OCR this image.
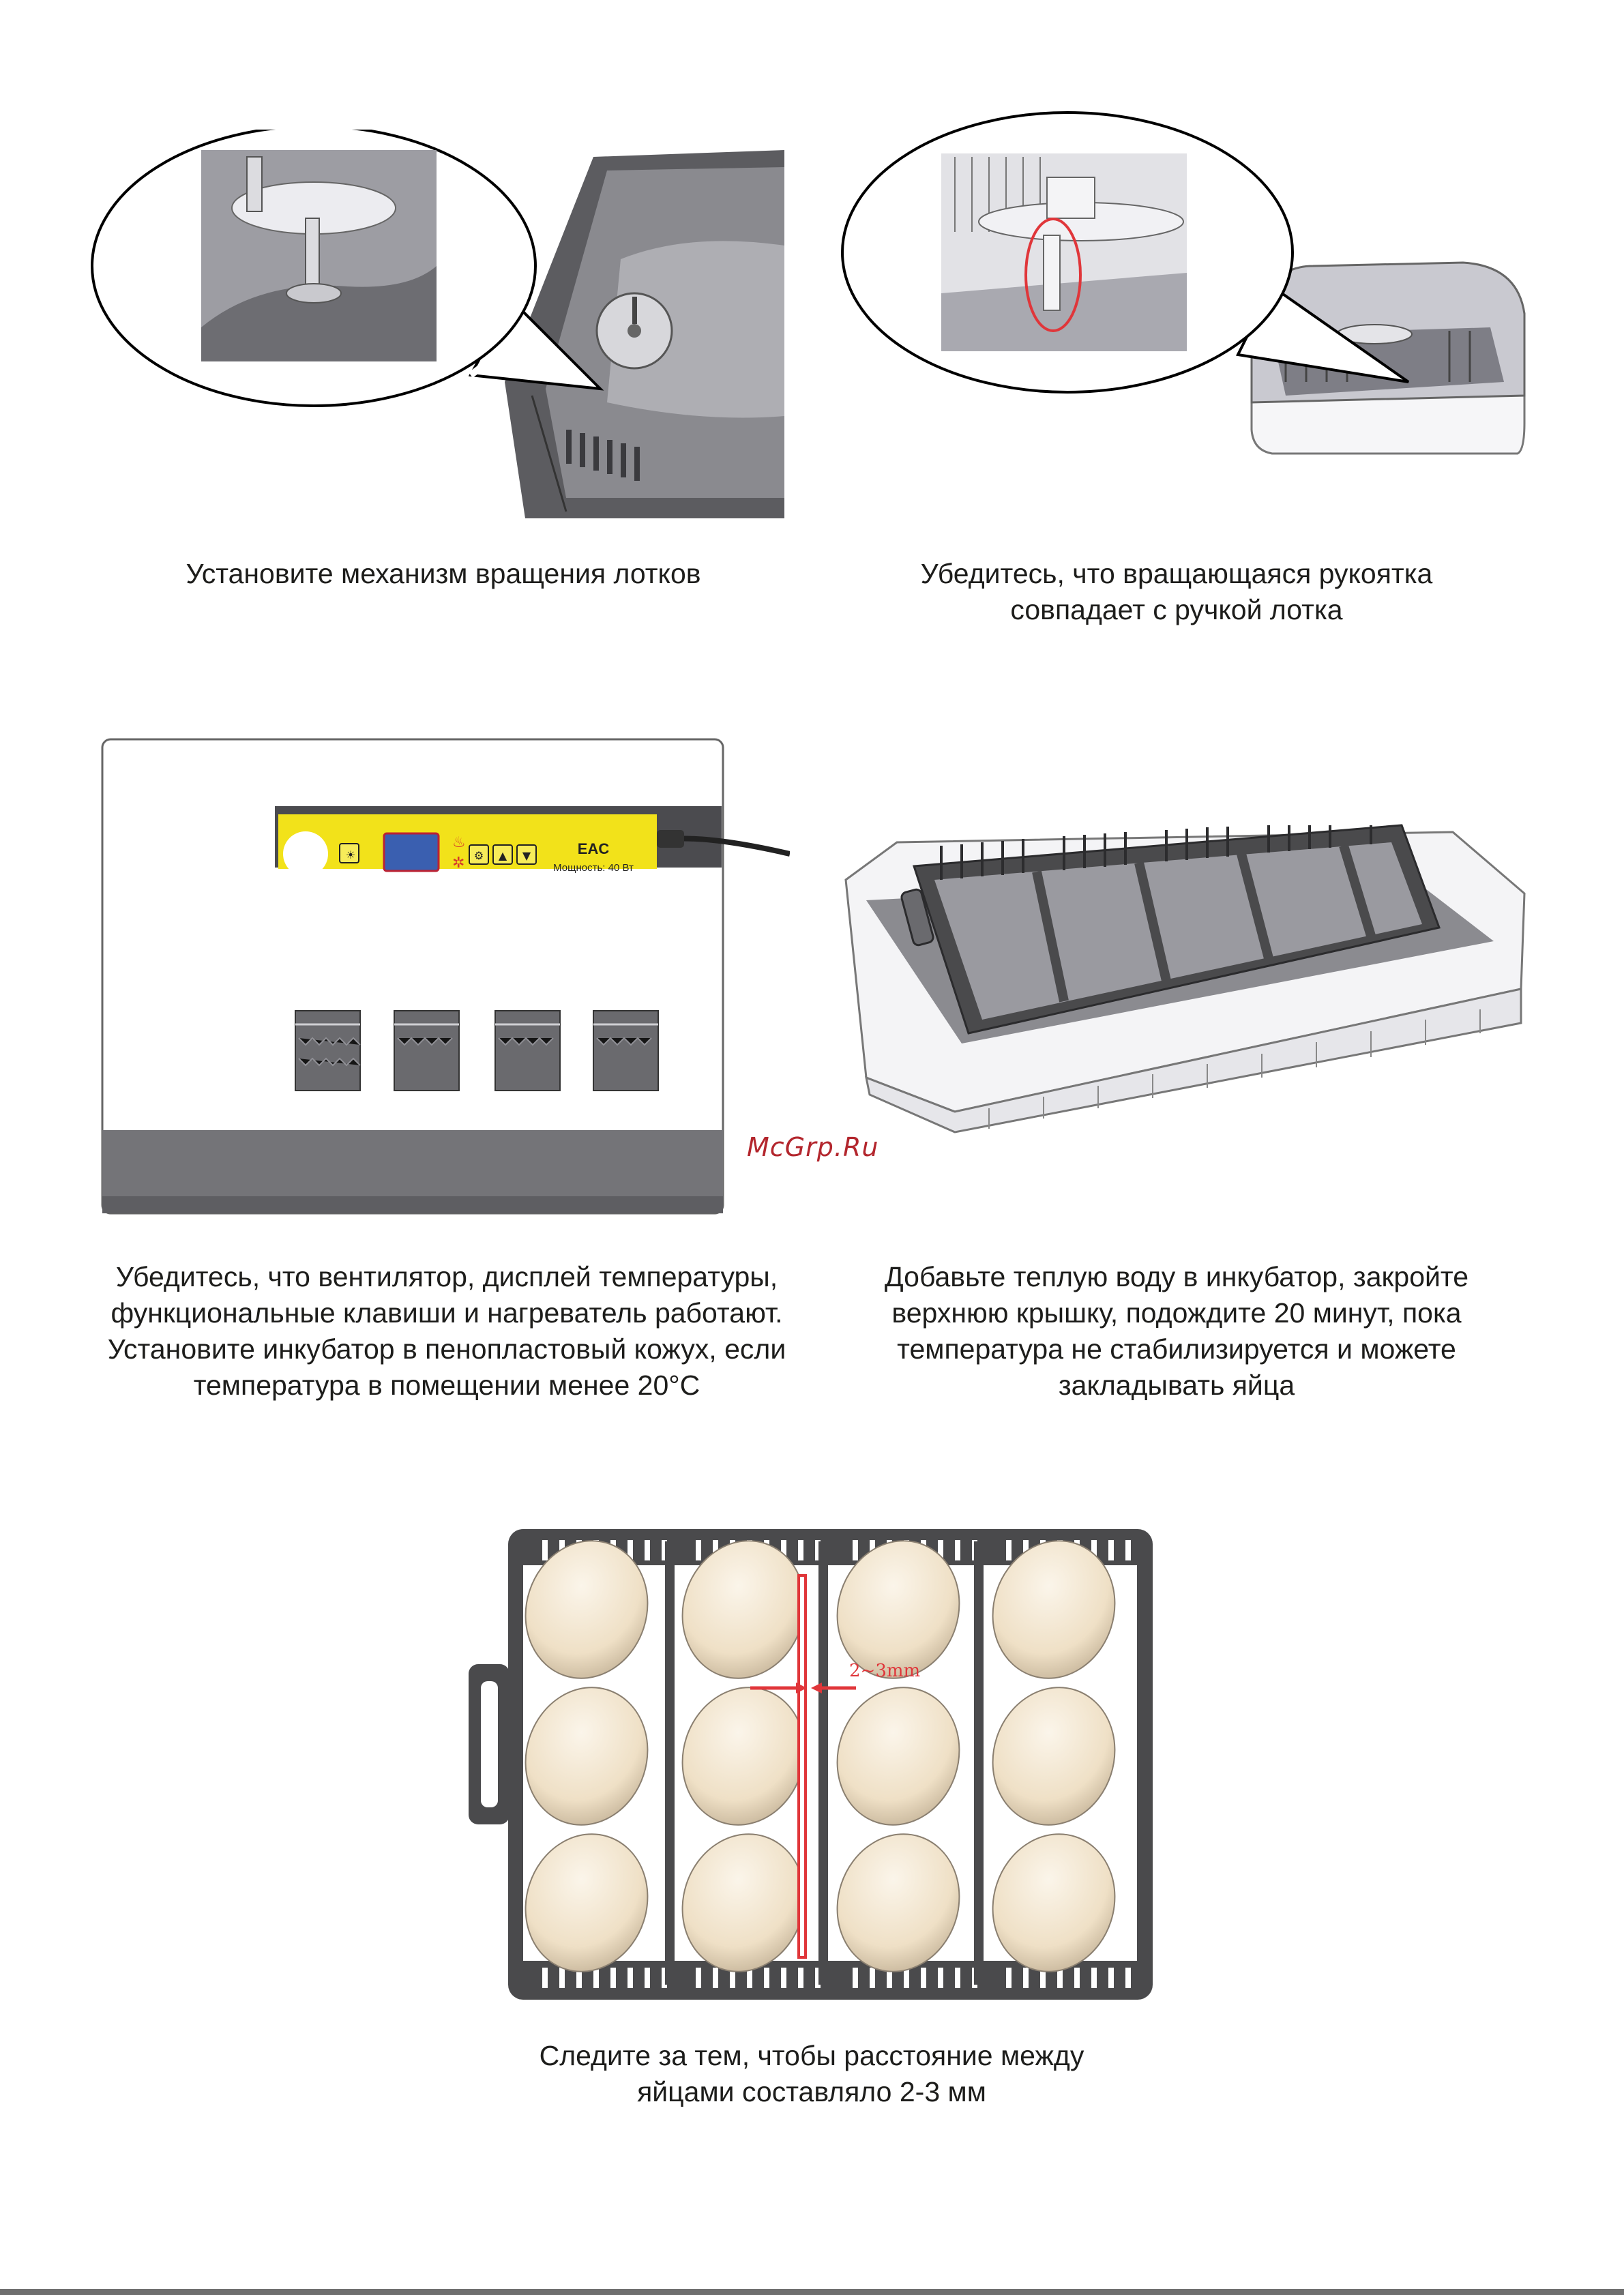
Установите механизм вращения лотков	Убедитесь, что вращающаяся рукоятка
совпадает с ручкой лотка
♨
✲ ⚙ ▲ ▼
☀	EAC
Мощность: 40 Вт
Убедитесь, что вентилятор, дисплей температуры,
функциональные клавиши и нагреватель работают.
Установите инкубатор в пенопластовый кожух, если
температура в помещении менее 20°С
McGrp.Ru
Добавьте теплую воду в инкубатор, закройте
верхнюю крышку, подождите 20 минут, пока
температура не стабилизируется и можете
закладывать яйца
2~3mm
Следите за тем, чтобы расстояние между
яйцами составляло 2-3 мм
